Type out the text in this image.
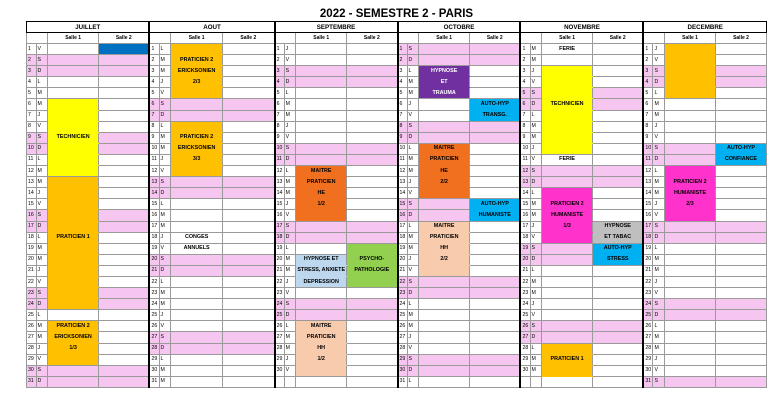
2022 - SEMESTRE 2 - PARIS
JUILLET				AOUT				SEPTEMBRE				OCTOBRE				NOVEMBRE				DECEMBRE			
		Salle 1	Salle 2			Salle 1	Salle 2			Salle 1	Salle 2			Salle 1	Salle 2			Salle 1	Salle 2			Salle 1	Salle 2
1	V			1	L			1	J			1	S			1	M	FERIE		1	J		
2	S			2	M	PRATICIEN 2		2	V			2	D			2	M			2	V		
3	D			3	M	ERICKSONIEN		3	S			3	L	HYPNOSE		3	J			3	S		
4	L			4	J	2/3		4	D			4	M	ET		4	V			4	D		
5	M			5	V			5	L			5	M	TRAUMA		5	S			5	L		
6	M			6	S			6	M			6	J		AUTO-HYP	6	D	TECHNICIEN		6	M		
7	J			7	D			7	M			7	V		TRANSG.	7	L			7	M		
8	V			8	L			8	J			8	S			8	M			8	J		
9	S	TECHNICIEN		9	M	PRATICIEN 2		9	V			9	D			9	M			9	V		
10	D			10	M	ERICKSONIEN		10	S			10	L	MAITRE		10	J			10	S		AUTO-HYP
11	L			11	J	3/3		11	D			11	M	PRATICIEN		11	V	FERIE		11	D		CONFIANCE
12	M			12	V			12	L	MAITRE		12	M	HE		12	S			12	L		
13	M			13	S			13	M	PRATICIEN		13	J	2/2		13	D			13	M	PRATICIEN 2	
14	J			14	D			14	M	HE		14	V			14	L			14	M	HUMANISTE	
15	V			15	L			15	J	1/2		15	S		AUTO-HYP	15	M	PRATICIEN 2		15	J	2/3	
16	S			16	M			16	V			16	D		HUMANISTE	16	M	HUMANISTE		16	V		
17	D			17	M			17	S			17	L	MAITRE		17	J	1/3	HYPNOSE	17	S		
18	L	PRATICIEN 1		18	J	CONGES		18	D			18	M	PRATICIEN		18	V		ET TABAC	18	D		
19	M			19	V	ANNUELS		19	L			19	M	HH		19	S		AUTO-HYP	19	L		
20	M			20	S			20	M	HYPNOSE ET	PSYCHO-	20	J	2/2		20	D		STRESS	20	M		
21	J			21	D			21	M	STRESS, ANXIETE	PATHOLOGIE	21	V			21	L			21	M		
22	V			22	L			22	J	DEPRESSION		22	S			22	M			22	J		
23	S			23	M			23	V			23	D			23	M			23	V		
24	D			24	M			24	S			24	L			24	J			24	S		
25	L			25	J			25	D			25	M			25	V			25	D		
26	M	PRATICIEN 2		26	V			26	L	MAITRE		26	M			26	S			26	L		
27	M	ERICKSONIEN		27	S			27	M	PRATICIEN		27	J			27	D			27	M		
28	J	1/3		28	D			28	M	HH		28	V			28	L			28	M		
29	V			29	L			29	J	1/2		29	S			29	M	PRATICIEN 1		29	J		
30	S			30	M			30	V			30	D			30	M			30	V		
31	D			31	M							31	L							31	S		
